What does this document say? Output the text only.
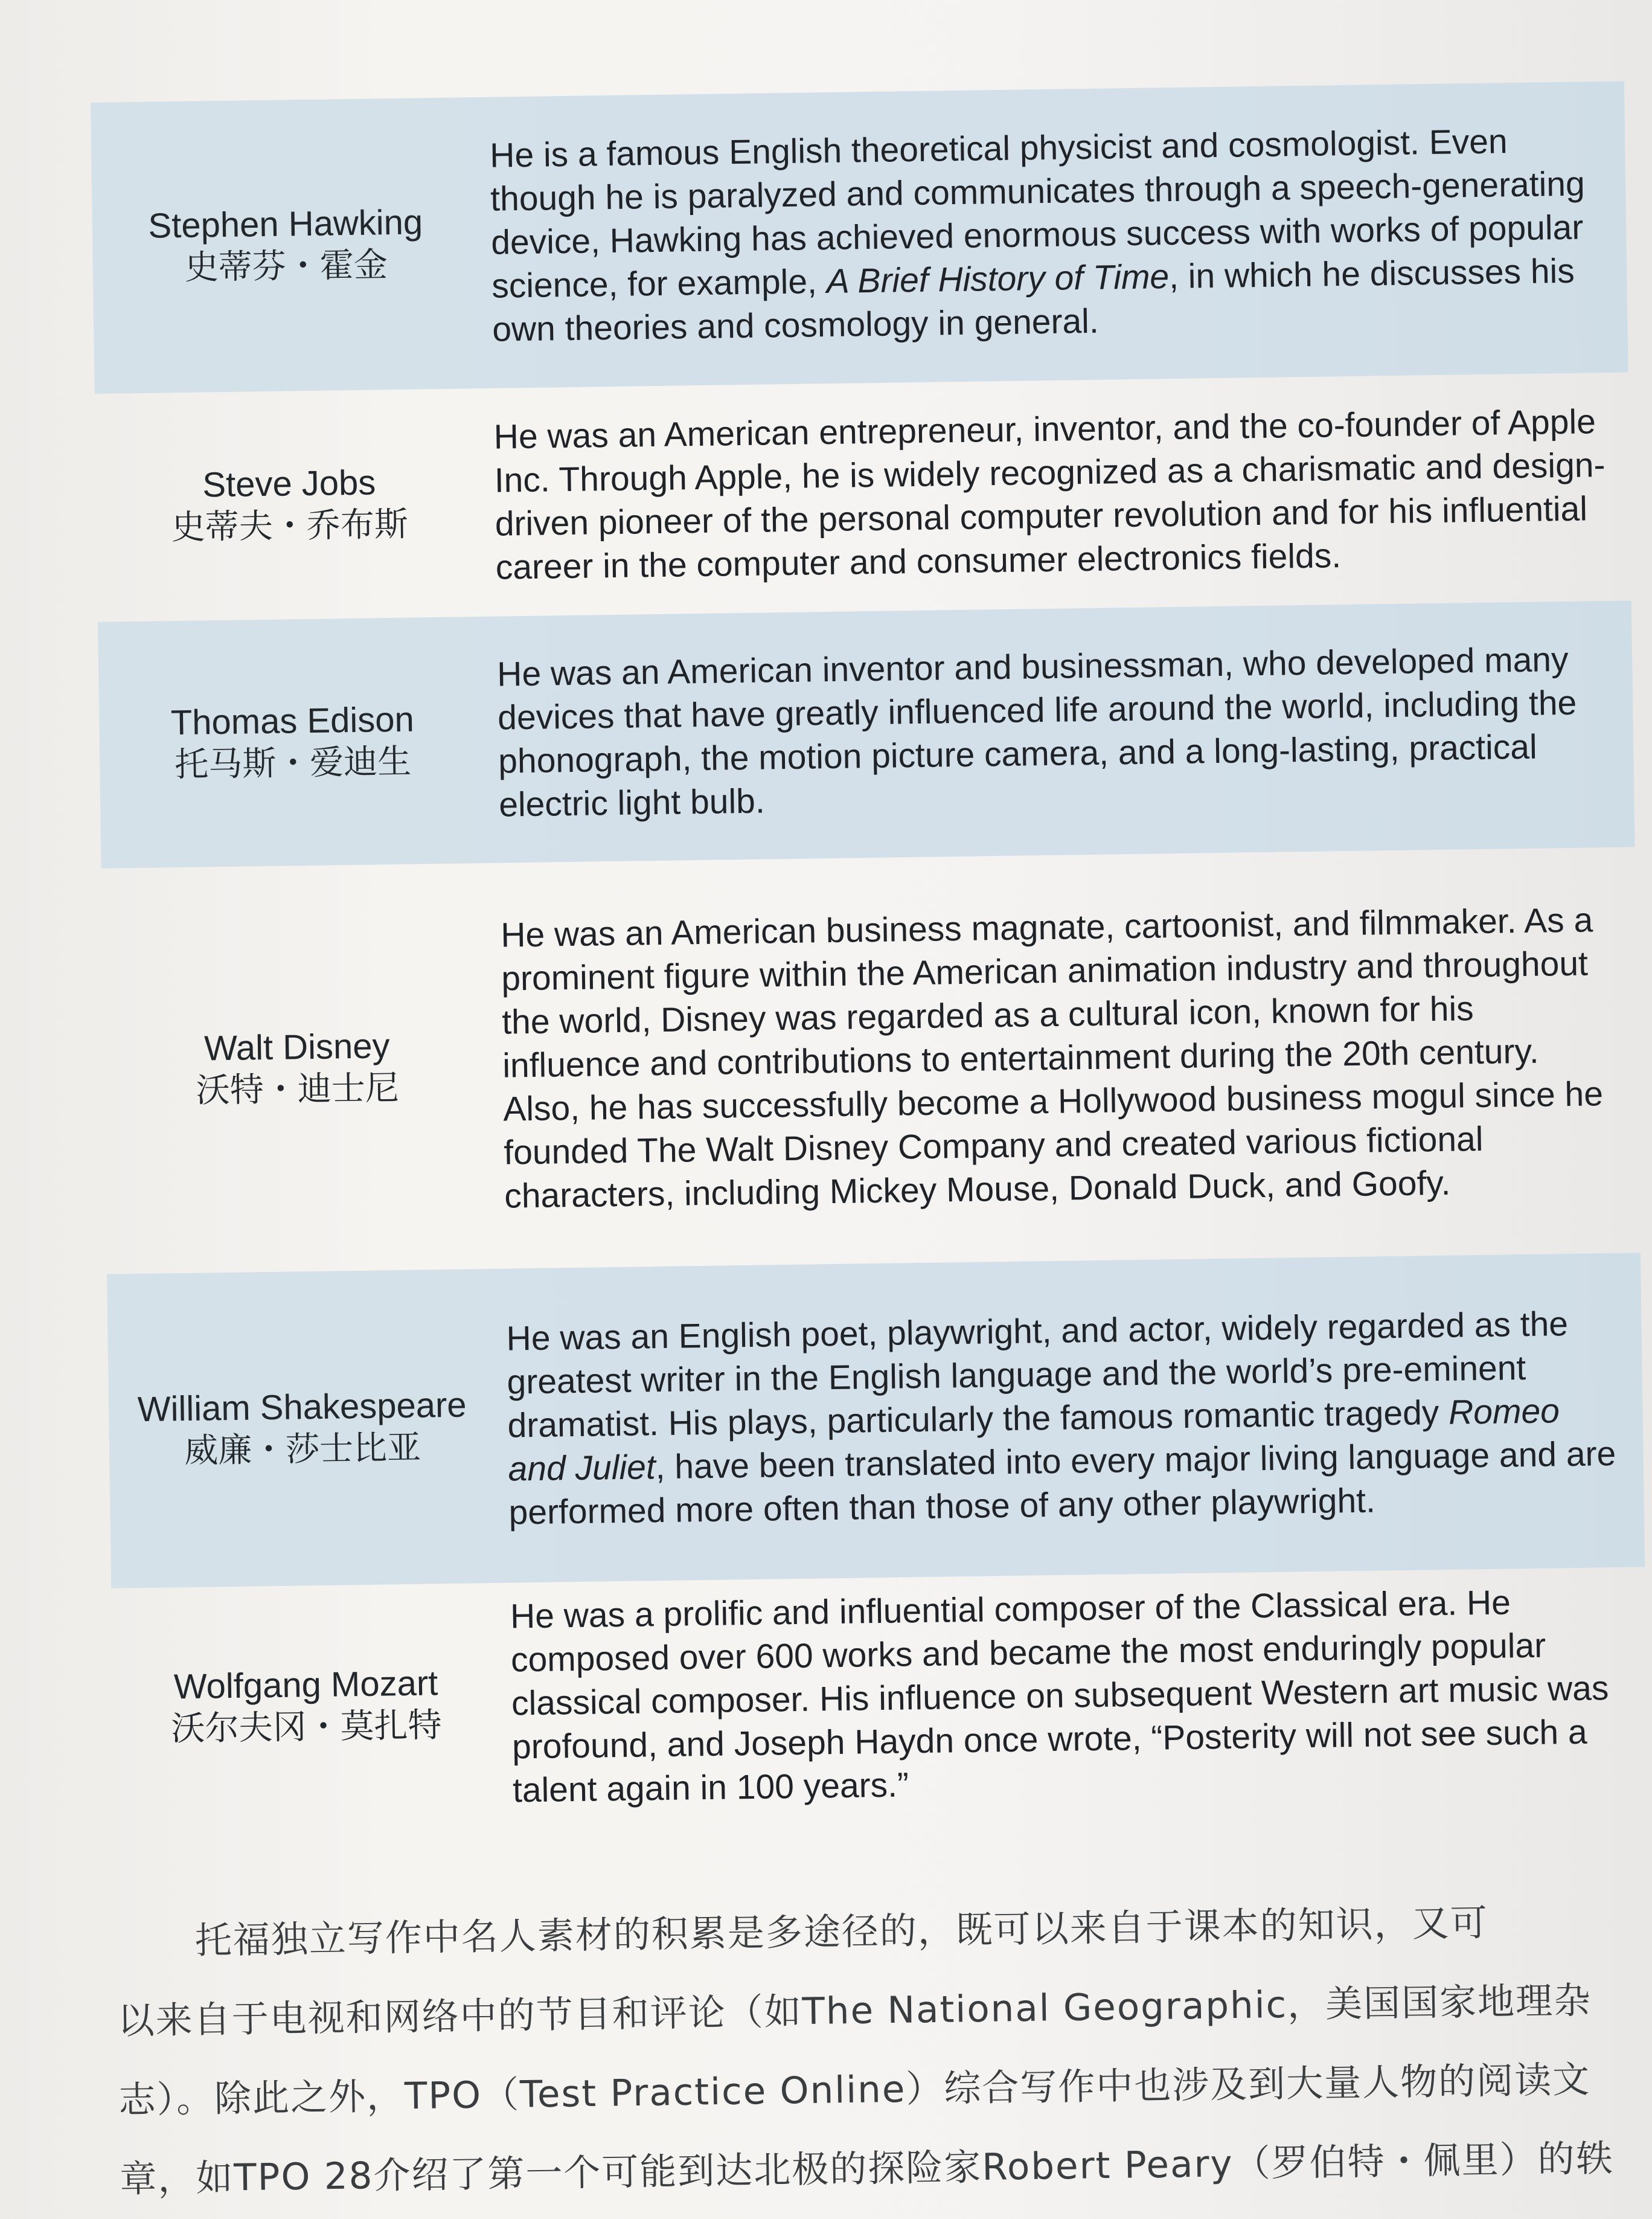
Stephen Hawking
史蒂芬・霍金
He is a famous English theoretical physicist and cosmologist. Even though he is paralyzed and communicates through a speech-generating device, Hawking has achieved enormous success with works of popular science, for example, A Brief History of Time, in which he discusses his own theories and cosmology in general.
Steve Jobs
史蒂夫・乔布斯
He was an American entrepreneur, inventor, and the co-founder of Apple Inc. Through Apple, he is widely recognized as a charismatic and design-driven pioneer of the personal computer revolution and for his influential career in the computer and consumer electronics fields.
Thomas Edison
托马斯・爱迪生
He was an American inventor and businessman, who developed many devices that have greatly influenced life around the world, including the phonograph, the motion picture camera, and a long-lasting, practical electric light bulb.
Walt Disney
沃特・迪士尼
He was an American business magnate, cartoonist, and filmmaker. As a prominent figure within the American animation industry and throughout the world, Disney was regarded as a cultural icon, known for his influence and contributions to entertainment during the 20th century. Also, he has successfully become a Hollywood business mogul since he founded The Walt Disney Company and created various fictional characters, including Mickey Mouse, Donald Duck, and Goofy.
William Shakespeare
威廉・莎士比亚
He was an English poet, playwright, and actor, widely regarded as the greatest writer in the English language and the world’s pre-eminent dramatist. His plays, particularly the famous romantic tragedy Romeo and Juliet, have been translated into every major living language and are performed more often than those of any other playwright.
Wolfgang Mozart
沃尔夫冈・莫扎特
He was a prolific and influential composer of the Classical era. He composed over 600 works and became the most enduringly popular classical composer. His influence on subsequent Western art music was profound, and Joseph Haydn once wrote, “Posterity will not see such a talent again in 100 years.”
托福独立写作中名人素材的积累是多途径的，既可以来自于课本的知识，又可
以来自于电视和网络中的节目和评论（如The National Geographic，美国国家地理杂
志）。除此之外，TPO（Test Practice Online）综合写作中也涉及到大量人物的阅读文
章，如TPO 28介绍了第一个可能到达北极的探险家Robert Peary（罗伯特・佩里）的轶
